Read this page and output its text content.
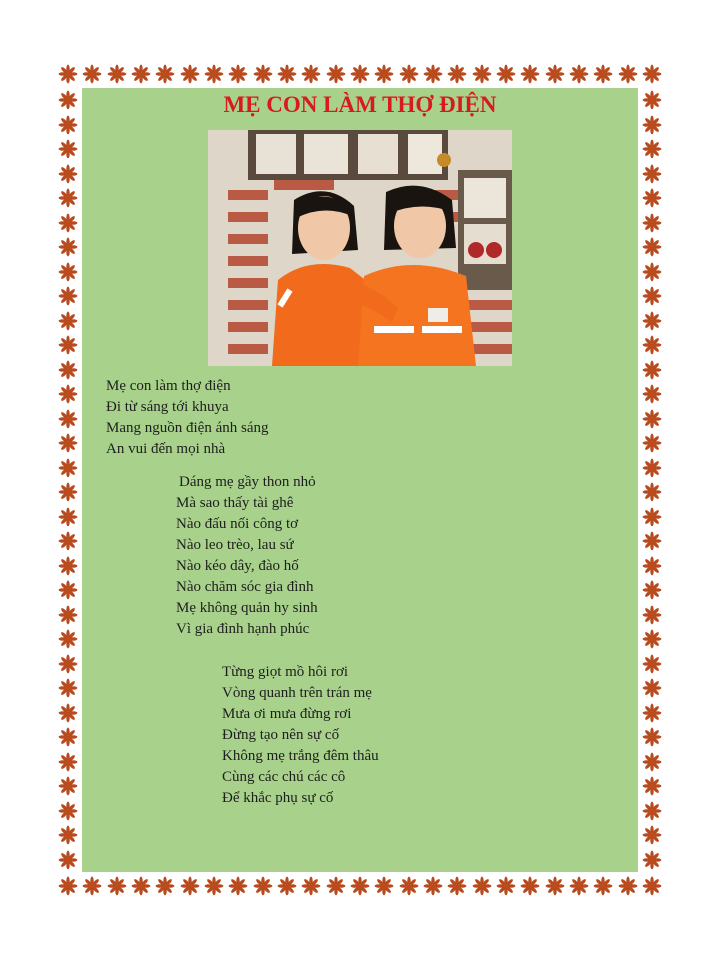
MẸ CON LÀM THỢ ĐIỆN
Mẹ con làm thợ điện
Đi từ sáng tới khuya
Mang nguồn điện ánh sáng
An vui đến mọi nhà
Dáng mẹ gầy thon nhỏ
Mà sao thấy tài ghê
Nào đấu nối công tơ
Nào leo trèo, lau sứ
Nào kéo dây, đào hố
Nào chăm sóc gia đình
Mẹ không quản hy sinh
Vì gia đình hạnh phúc
Từng giọt mồ hôi rơi
Vòng quanh trên trán mẹ
Mưa ơi mưa đừng rơi
Đừng tạo nên sự cố
Không mẹ trắng đêm thâu
Cùng các chú các cô
Để khắc phụ sự cố
